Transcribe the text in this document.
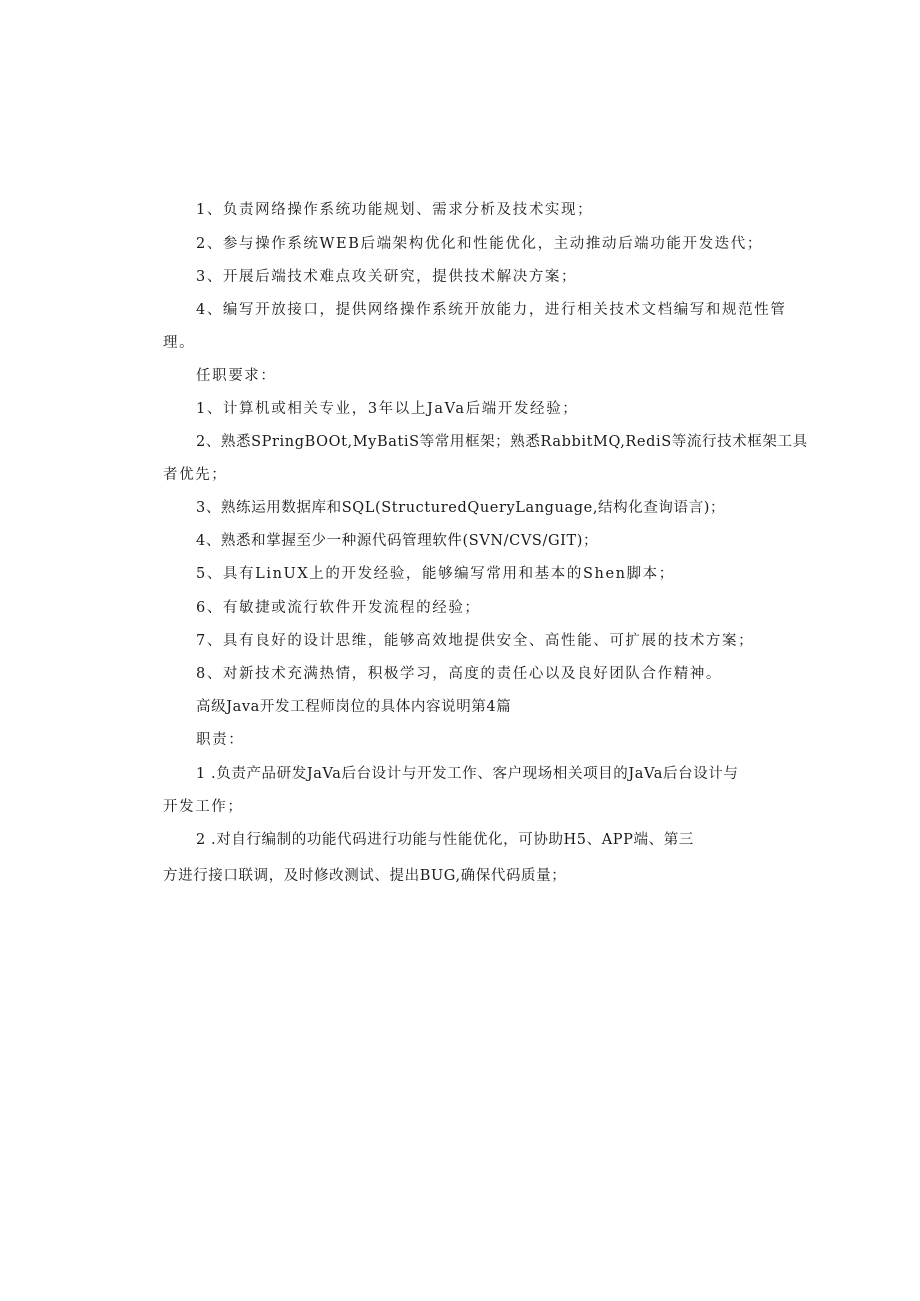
1、负责网络操作系统功能规划、需求分析及技术实现；
2、参与操作系统WEB后端架构优化和性能优化，主动推动后端功能开发迭代；
3、开展后端技术难点攻关研究，提供技术解决方案；
4、编写开放接口，提供网络操作系统开放能力，进行相关技术文档编写和规范性管
理。
任职要求：
1、计算机或相关专业，3年以上JaVa后端开发经验；
2、熟悉SPringBOOt,MyBatiS等常用框架；熟悉RabbitMQ,RediS等流行技术框架工具
者优先；
3、熟练运用数据库和SQL(StructuredQueryLanguage,结构化查询语言)；
4、熟悉和掌握至少一种源代码管理软件(SVN/CVS/GIT)；
5、具有LinUX上的开发经验，能够编写常用和基本的Shen脚本；
6、有敏捷或流行软件开发流程的经验；
7、具有良好的设计思维，能够高效地提供安全、高性能、可扩展的技术方案；
8、对新技术充满热情，积极学习，高度的责任心以及良好团队合作精神。
高级Java开发工程师岗位的具体内容说明第4篇
职责：
1 .负责产品研发JaVa后台设计与开发工作、客户现场相关项目的JaVa后台设计与
开发工作；
2 .对自行编制的功能代码进行功能与性能优化，可协助H5、APP端、第三
方进行接口联调，及时修改测试、提出BUG,确保代码质量；
